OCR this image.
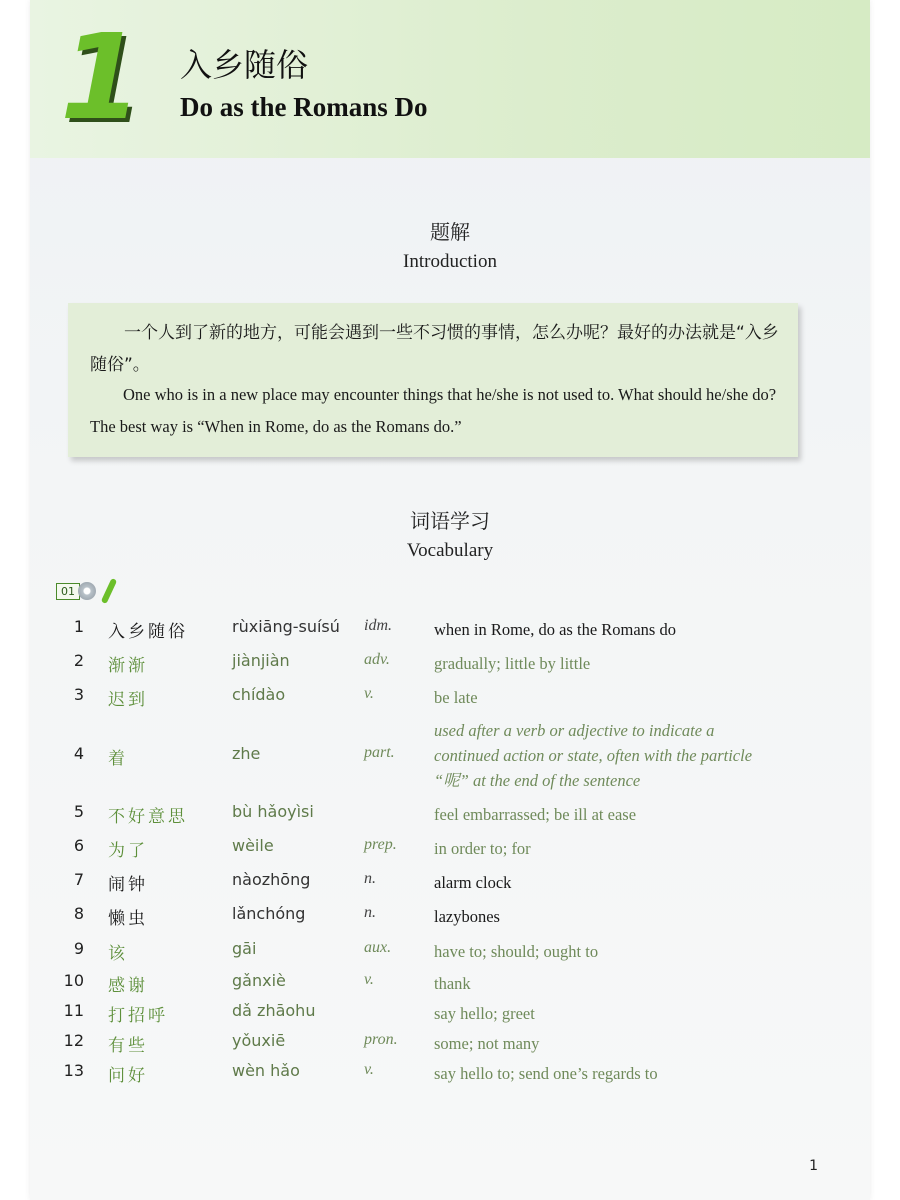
1 入乡随俗
Do as the Romans Do
题解
Introduction

一个人到了新的地方，可能会遇到一些不习惯的事情，怎么办呢？最好的办法就是“入乡随俗”。

One who is in a new place may encounter things that he/she is not used to. What should he/she do? The best way is “When in Rome, do as the Romans do.”

词语学习
Vocabulary
01
1 入乡随俗	rùxiāng-suísú idm.	when in Rome, do as the Romans do
2 渐渐	jiànjiàn	adv.	gradually; little by little
3 迟到	chídào	v.	be late
4 着	zhe	part.
used after a verb or adjective to indicate a continued action or state, often with the particle “呢” at the end of the sentence
5 不好意思	bù hǎoyìsi	feel embarrassed; be ill at ease
6 为了	wèile	prep. in order to; for
7 闹钟	nàozhōng	n.	alarm clock
8 懒虫	lǎnchóng	n.	lazybones
9 该	gāi	aux.	have to; should; ought to
10 感谢	gǎnxiè	v.	thank
11 打招呼	dǎ zhāohu	say hello; greet
12 有些	yǒuxiē	pron. some; not many
13 问好	wèn hǎo	v.	say hello to; send one’s regards to
1
